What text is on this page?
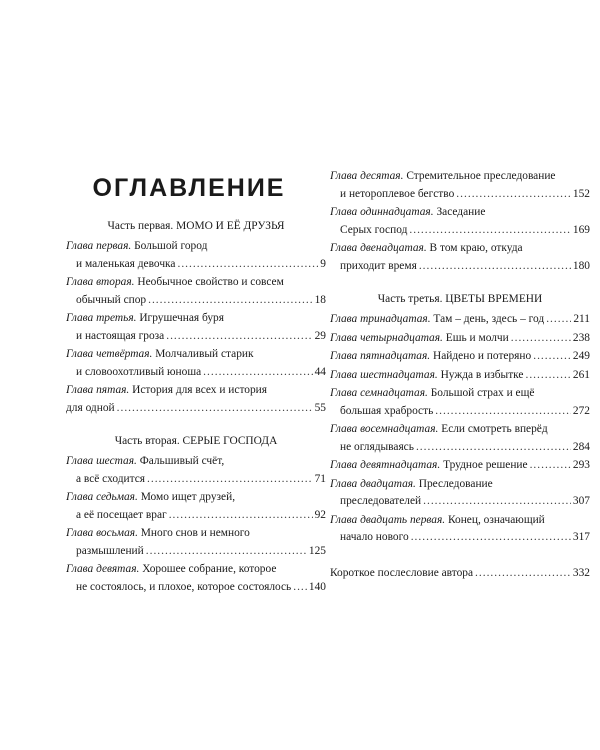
ОГЛАВЛЕНИЕ
Часть первая. МОМО И ЕЁ ДРУЗЬЯ
Глава первая. Большой город
и маленькая девочка .....	9
Глава вторая. Необычное свойство и совсем
обычный спор .....	18
Глава третья. Игрушечная буря
и настоящая гроза .....	29
Глава четвёртая. Молчаливый старик
и словоохотливый юноша .....	44
Глава пятая. История для всех и история
для одной .....	55
Часть вторая. СЕРЫЕ ГОСПОДА
Глава шестая. Фальшивый счёт,
а всё сходится .....	71
Глава седьмая. Момо ищет друзей,
а её посещает враг .....	92
Глава восьмая. Много снов и немного
размышлений .....	125
Глава девятая. Хорошее собрание, которое
не состоялось, и плохое, которое состоялось ..... 140
Глава десятая. Стремительное преследование
и нетороплевое бегство .....	152
Глава одиннадцатая. Заседание
Серых господ .....	169
Глава двенадцатая. В том краю, откуда
приходит время .....	180
Часть третья. ЦВЕТЫ ВРЕМЕНИ
Глава тринадцатая. Там – день, здесь – год .....	211
Глава четырнадцатая. Ешь и молчи .....	238
Глава пятнадцатая. Найдено и потеряно .....	249
Глава шестнадцатая. Нужда в избытке .....	261
Глава семнадцатая. Большой страх и ещё
большая храбрость .....	272
Глава восемнадцатая. Если смотреть вперёд
не оглядываясь .....	284
Глава девятнадцатая. Трудное решение .....	293
Глава двадцатая. Преследование
преследователей .....	307
Глава двадцать первая. Конец, означающий
начало нового .....	317
Короткое послесловие автора .....	332
